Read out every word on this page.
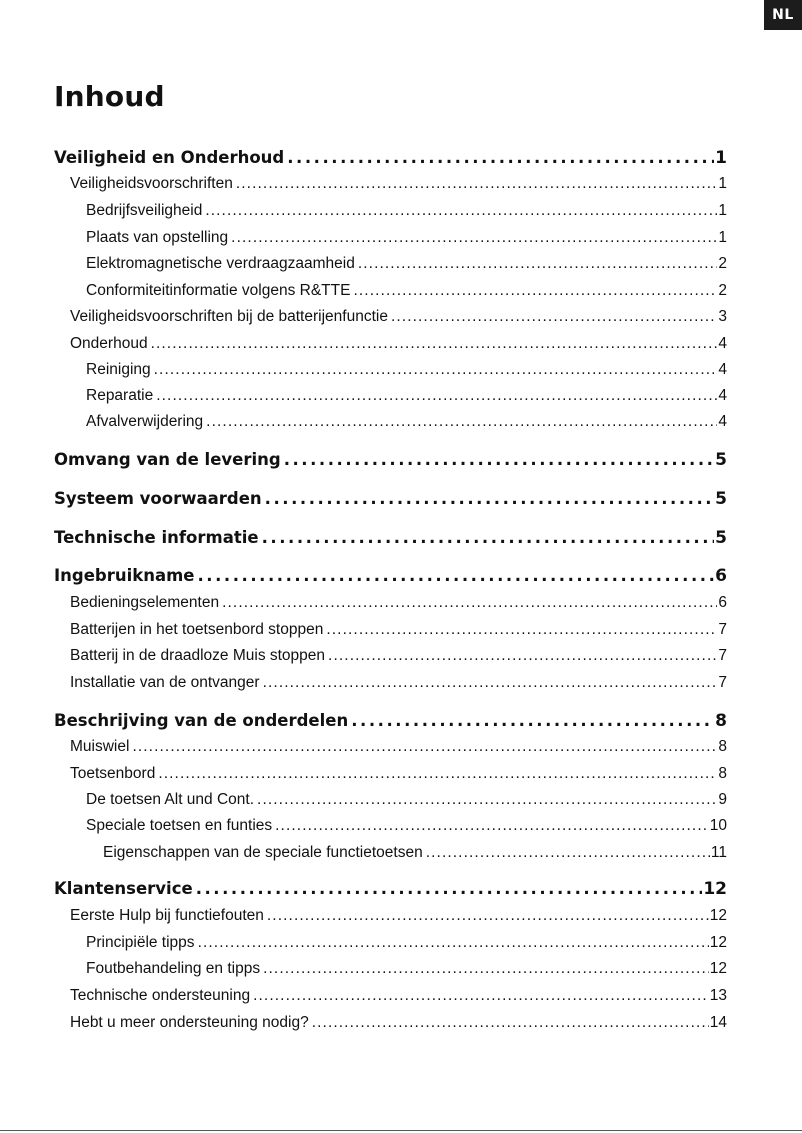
NL
Inhoud
Veiligheid en Onderhoud . . .	1
Veiligheidsvoorschriften . . .	1
Bedrijfsveiligheid . . .	1
Plaats van opstelling . . .	1
Elektromagnetische verdraagzaamheid . . .	2
Conformiteitinformatie volgens R&TTE . . .	2
Veiligheidsvoorschriften bij de batterijenfunctie . . .	3
Onderhoud . . .	4
Reiniging . . .	4
Reparatie . . .	4
Afvalverwijdering . . .	4
Omvang van de levering . . .	5
Systeem voorwaarden . . .	5
Technische informatie . . .	5
Ingebruikname . . .	6
Bedieningselementen . . .	6
Batterijen in het toetsenbord stoppen . . .	7
Batterij in de draadloze Muis stoppen . . .	7
Installatie van de ontvanger . . .	7
Beschrijving van de onderdelen . . .	8
Muiswiel . . .	8
Toetsenbord . . .	8
De toetsen Alt und Cont. . . .	9
Speciale toetsen en funties . . .	10
Eigenschappen van de speciale functietoetsen . . .	11
Klantenservice . . .	12
Eerste Hulp bij functiefouten . . .	12
Principiële tipps . . .	12
Foutbehandeling en tipps . . .	12
Technische ondersteuning . . .	13
Hebt u meer ondersteuning nodig? . . .	14
